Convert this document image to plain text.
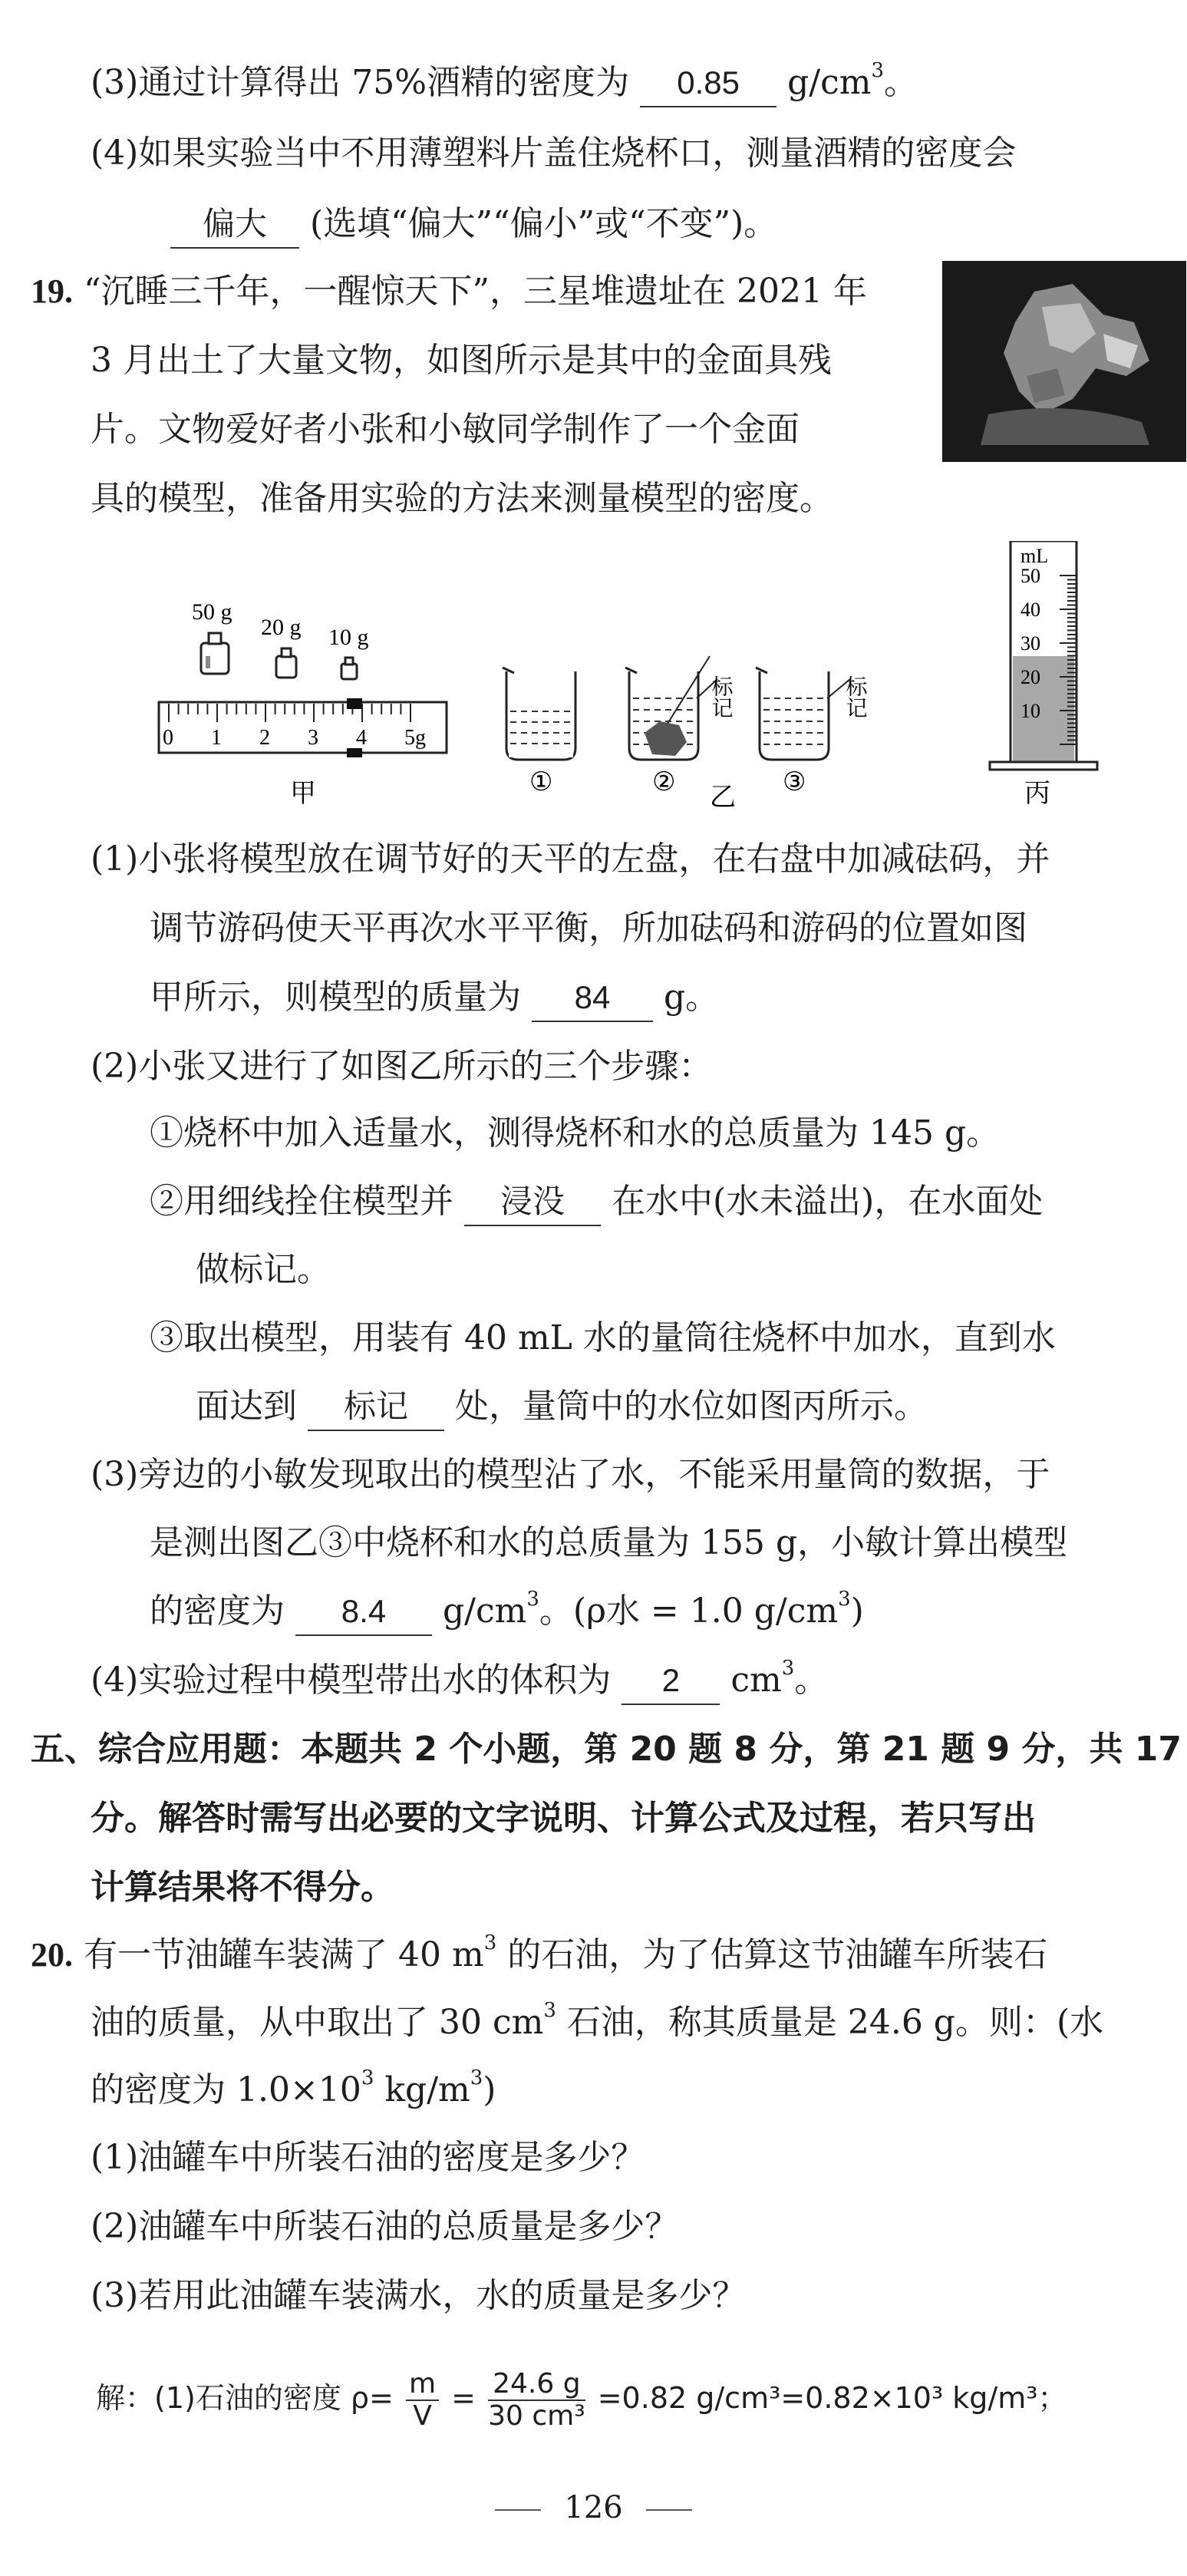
(3)通过计算得出 75%酒精的密度为 0.85 $g/cm^3$。
(4)如果实验当中不用薄塑料片盖住烧杯口，测量酒精的密度会
偏大 (选填“偏大”“偏小”或“不变”)。
19. “沉睡三千年，一醒惊天下”，三星堆遗址在 2021 年
3 月出土了大量文物，如图所示是其中的金面具残
片。文物爱好者小张和小敏同学制作了一个金面
具的模型，准备用实验的方法来测量模型的密度。
50 g
20 g 10 g
0 1 2 3 4 5g
甲	①	②
标记
③
标记
乙
50
40
30
20
10
mL
丙
(1)小张将模型放在调节好的天平的左盘，在右盘中加减砝码，并
调节游码使天平再次水平平衡，所加砝码和游码的位置如图
甲所示，则模型的质量为 84 g。
(2)小张又进行了如图乙所示的三个步骤：
①烧杯中加入适量水，测得烧杯和水的总质量为 145 g。
②用细线拴住模型并 浸没 在水中(水未溢出)，在水面处
做标记。
③取出模型，用装有 40 mL 水的量筒往烧杯中加水，直到水
面达到 标记 处，量筒中的水位如图丙所示。
(3)旁边的小敏发现取出的模型沾了水，不能采用量筒的数据，于
是测出图乙③中烧杯和水的总质量为 155 g，小敏计算出模型
的密度为 8.4 $g/cm^3$。(ρ水 = 1.0 $g/cm^3$)
(4)实验过程中模型带出水的体积为 2 $cm^3$。
五、综合应用题：本题共 2 个小题，第 20 题 8 分，第 21 题 9 分，共 17
分。解答时需写出必要的文字说明、计算公式及过程，若只写出
计算结果将不得分。
20. 有一节油罐车装满了 40 $m^3$ 的石油，为了估算这节油罐车所装石
油的质量，从中取出了 30 $cm^3$ 石油，称其质量是 24.6 g。则：(水
的密度为 $1.0\times 10^3$ $kg/m^3$)
(1)油罐车中所装石油的密度是多少？
(2)油罐车中所装石油的总质量是多少？
(3)若用此油罐车装满水，水的质量是多少？
解：(1)石油的密度 $\rho= \frac{m}{V} = \frac{24.6 g}{\text{30 cm³}} =0.82$ g/cm³=0.82×10³ kg/m³；
126
